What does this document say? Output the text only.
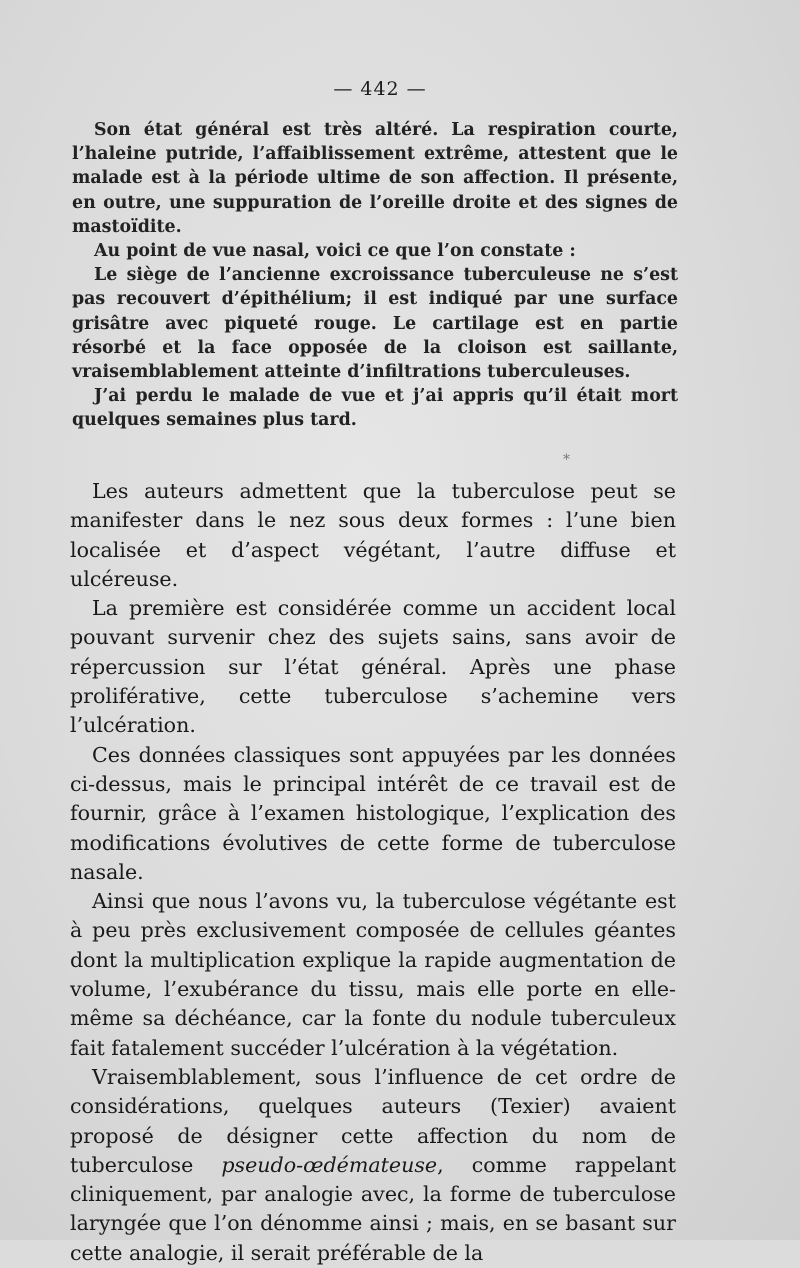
— 442 —

Son état général est très altéré. La respiration courte, l’haleine putride, l’affaiblissement extrême, attestent que le malade est à la période ultime de son affection. Il présente, en outre, une suppuration de l’oreille droite et des signes de mastoïdite.

Au point de vue nasal, voici ce que l’on constate :

Le siège de l’ancienne excroissance tuberculeuse ne s’est pas recouvert d’épithélium; il est indiqué par une surface grisâtre avec piqueté rouge. Le cartilage est en partie résorbé et la face opposée de la cloison est saillante, vraisemblablement atteinte d’infiltrations tuberculeuses.

J’ai perdu le malade de vue et j’ai appris qu’il était mort quelques semaines plus tard.

*

Les auteurs admettent que la tuberculose peut se manifester dans le nez sous deux formes : l’une bien localisée et d’aspect végétant, l’autre diffuse et ulcéreuse.

La première est considérée comme un accident local pouvant survenir chez des sujets sains, sans avoir de répercussion sur l’état général. Après une phase proliférative, cette tuberculose s’achemine vers l’ulcération.

Ces données classiques sont appuyées par les données ci-dessus, mais le principal intérêt de ce travail est de fournir, grâce à l’examen histologique, l’explication des modifications évolutives de cette forme de tuberculose nasale.

Ainsi que nous l’avons vu, la tuberculose végétante est à peu près exclusivement composée de cellules géantes dont la multiplication explique la rapide augmentation de volume, l’exubérance du tissu, mais elle porte en elle-même sa déchéance, car la fonte du nodule tuberculeux fait fatalement succéder l’ulcération à la végétation.

Vraisemblablement, sous l’influence de cet ordre de considérations, quelques auteurs (Texier) avaient proposé de désigner cette affection du nom de tuberculose pseudo-œdémateuse, comme rappelant cliniquement, par analogie avec, la forme de tuberculose laryngée que l’on dénomme ainsi ; mais, en se basant sur cette analogie, il serait préférable de la
